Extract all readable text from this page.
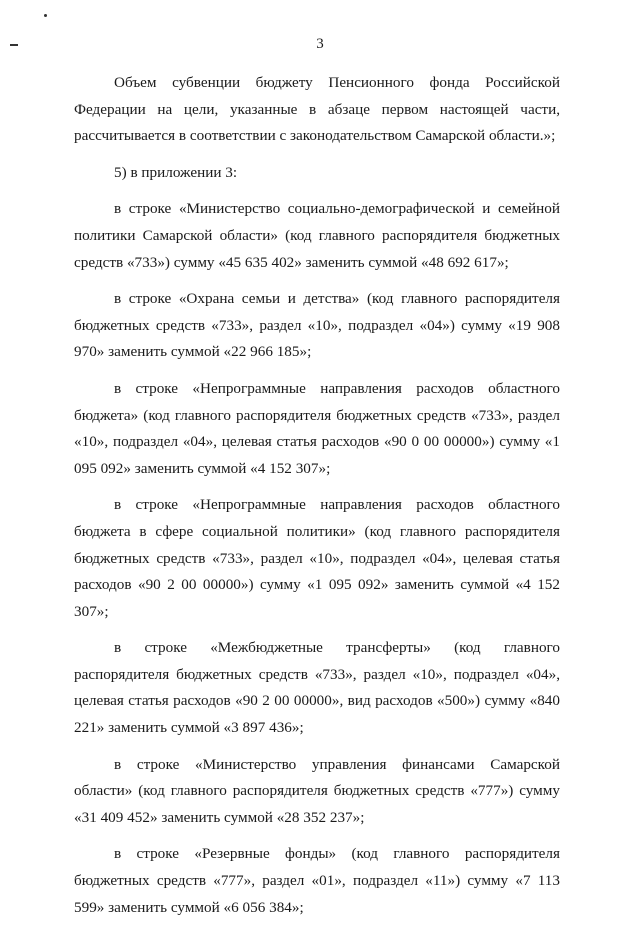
3

Объем субвенции бюджету Пенсионного фонда Российской Федерации на цели, указанные в абзаце первом настоящей части, рассчитывается в соответствии с законодательством Самарской области.»;

5) в приложении 3:

в строке «Министерство социально-демографической и семейной политики Самарской области» (код главного распорядителя бюджетных средств «733») сумму «45 635 402» заменить суммой «48 692 617»;

в строке «Охрана семьи и детства» (код главного распорядителя бюджетных средств «733», раздел «10», подраздел «04») сумму «19 908 970» заменить суммой «22 966 185»;

в строке «Непрограммные направления расходов областного бюджета» (код главного распорядителя бюджетных средств «733», раздел «10», подраздел «04», целевая статья расходов «90 0 00 00000») сумму «1 095 092» заменить суммой «4 152 307»;

в строке «Непрограммные направления расходов областного бюджета в сфере социальной политики» (код главного распорядителя бюджетных средств «733», раздел «10», подраздел «04», целевая статья расходов «90 2 00 00000») сумму «1 095 092» заменить суммой «4 152 307»;

в строке «Межбюджетные трансферты» (код главного распорядителя бюджетных средств «733», раздел «10», подраздел «04», целевая статья расходов «90 2 00 00000», вид расходов «500») сумму «840 221» заменить суммой «3 897 436»;

в строке «Министерство управления финансами Самарской области» (код главного распорядителя бюджетных средств «777») сумму «31 409 452» заменить суммой «28 352 237»;

в строке «Резервные фонды» (код главного распорядителя бюджетных средств «777», раздел «01», подраздел «11») сумму «7 113 599» заменить суммой «6 056 384»;
